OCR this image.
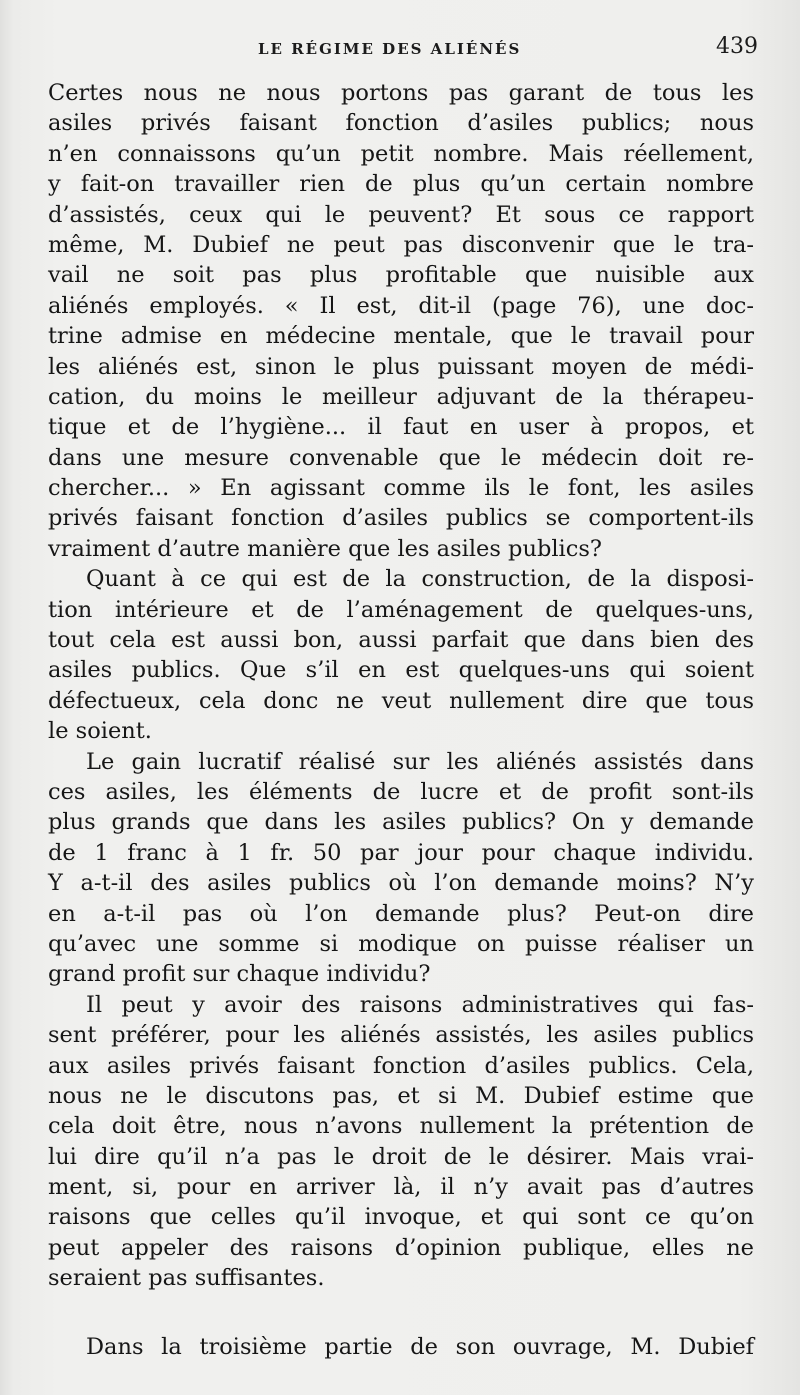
LE RÉGIME DES ALIÉNÉS	439
Certes nous ne nous portons pas garant de tous les
asiles privés faisant fonction d’asiles publics; nous
n’en connaissons qu’un petit nombre. Mais réellement,
y fait-on travailler rien de plus qu’un certain nombre
d’assistés, ceux qui le peuvent? Et sous ce rapport
même, M. Dubief ne peut pas disconvenir que le tra-
vail ne soit pas plus profitable que nuisible aux
aliénés employés. « Il est, dit-il (page 76), une doc-
trine admise en médecine mentale, que le travail pour
les aliénés est, sinon le plus puissant moyen de médi-
cation, du moins le meilleur adjuvant de la thérapeu-
tique et de l’hygiène... il faut en user à propos, et
dans une mesure convenable que le médecin doit re-
chercher... » En agissant comme ils le font, les asiles
privés faisant fonction d’asiles publics se comportent-ils
vraiment d’autre manière que les asiles publics?
Quant à ce qui est de la construction, de la disposi-
tion intérieure et de l’aménagement de quelques-uns,
tout cela est aussi bon, aussi parfait que dans bien des
asiles publics. Que s’il en est quelques-uns qui soient
défectueux, cela donc ne veut nullement dire que tous
le soient.
Le gain lucratif réalisé sur les aliénés assistés dans
ces asiles, les éléments de lucre et de profit sont-ils
plus grands que dans les asiles publics? On y demande
de 1 franc à 1 fr. 50 par jour pour chaque individu.
Y a-t-il des asiles publics où l’on demande moins? N’y
en a-t-il pas où l’on demande plus? Peut-on dire
qu’avec une somme si modique on puisse réaliser un
grand profit sur chaque individu?
Il peut y avoir des raisons administratives qui fas-
sent préférer, pour les aliénés assistés, les asiles publics
aux asiles privés faisant fonction d’asiles publics. Cela,
nous ne le discutons pas, et si M. Dubief estime que
cela doit être, nous n’avons nullement la prétention de
lui dire qu’il n’a pas le droit de le désirer. Mais vrai-
ment, si, pour en arriver là, il n’y avait pas d’autres
raisons que celles qu’il invoque, et qui sont ce qu’on
peut appeler des raisons d’opinion publique, elles ne
seraient pas suffisantes.
Dans la troisième partie de son ouvrage, M. Dubief
